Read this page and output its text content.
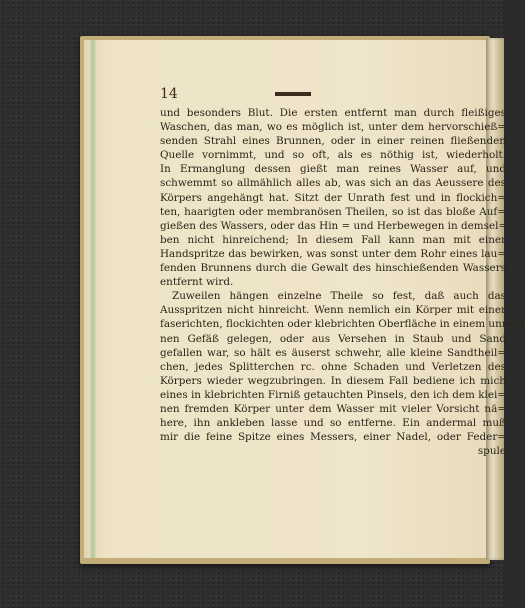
14
und besonders Blut. Die ersten entfernt man durch fleißiges
Waschen, das man, wo es möglich ist, unter dem hervorschieß=
senden Strahl eines Brunnen, oder in einer reinen fließenden
Quelle vornimmt, und so oft, als es nöthig ist, wiederholt.
In Ermanglung dessen gießt man reines Wasser auf, und
schwemmt so allmählich alles ab, was sich an das Aeussere des
Körpers angehängt hat. Sitzt der Unrath fest und in flockich=
ten, haarigten oder membranösen Theilen, so ist das bloße Auf=
gießen des Wassers, oder das Hin = und Herbewegen in demsel=
ben nicht hinreichend; In diesem Fall kann man mit einer
Handspritze das bewirken, was sonst unter dem Rohr eines lau=
fenden Brunnens durch die Gewalt des hinschießenden Wassers
entfernt wird.
Zuweilen hängen einzelne Theile so fest, daß auch das
Ausspritzen nicht hinreicht. Wenn nemlich ein Körper mit einer
faserichten, flockichten oder klebrichten Oberfläche in einem unrei=
nen Gefäß gelegen, oder aus Versehen in Staub und Sand
gefallen war, so hält es äuserst schwehr, alle kleine Sandtheil=
chen, jedes Splitterchen rc. ohne Schaden und Verletzen des
Körpers wieder wegzubringen. In diesem Fall bediene ich mich
eines in klebrichten Firniß getauchten Pinsels, den ich dem klei=
nen fremden Körper unter dem Wasser mit vieler Vorsicht nä=
here, ihn ankleben lasse und so entferne. Ein andermal muß
mir die feine Spitze eines Messers, einer Nadel, oder Feder=
spule
